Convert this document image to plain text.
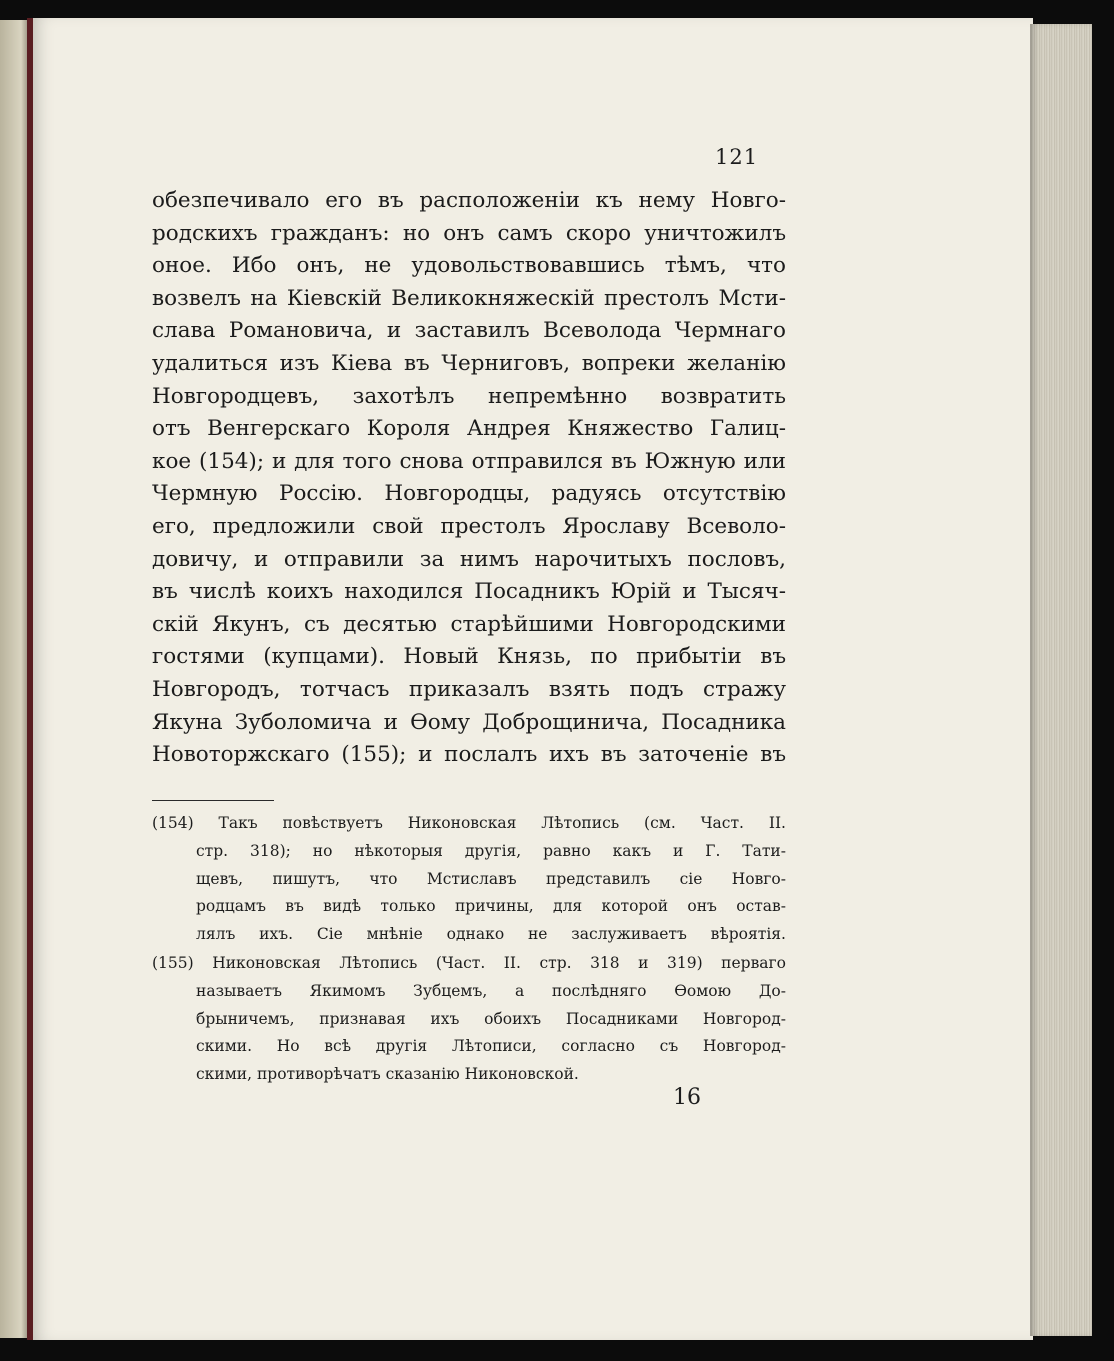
121
обезпечивало его въ расположенiи къ нему Новго-
родскихъ гражданъ: но онъ самъ скоро уничтожилъ
оное. Ибо онъ, не удовольствовавшись тѣмъ, что
возвелъ на Кiевскiй Великокняжескiй престолъ Мсти-
слава Романовича, и заставилъ Всеволода Чермнаго
удалиться изъ Кiева въ Черниговъ, вопреки желанiю
Новгородцевъ, захотѣлъ непремѣнно возвратить
отъ Венгерскаго Короля Андрея Княжество Галиц-
кое (154); и для того снова отправился въ Южную или
Чермную Россiю. Новгородцы, радуясь отсутствiю
его, предложили свой престолъ Ярославу Всеволо-
довичу, и отправили за нимъ нарочитыхъ пословъ,
въ числѣ коихъ находился Посадникъ Юрiй и Тысяч-
скiй Якунъ, съ десятью старѣйшими Новгородскими
гостями (купцами). Новый Князь, по прибытiи въ
Новгородъ, тотчасъ приказалъ взять подъ стражу
Якуна Зуболомича и Ѳому Доброщинича, Посадника
Новоторжскаго (155); и послалъ ихъ въ заточенiе въ
(154) Такъ повѣствуетъ Никоновская Лѣтопись (см. Част. II.
стр. 318); но нѣкоторыя другiя, равно какъ и Г. Тати-
щевъ, пишутъ, что Мстиславъ представилъ сiе Новго-
родцамъ въ видѣ только причины, для которой онъ остав-
лялъ ихъ. Сiе мнѣнiе однако не заслуживаетъ вѣроятiя.
(155) Никоновская Лѣтопись (Част. II. стр. 318 и 319) перваго
называетъ Якимомъ Зубцемъ, а послѣдняго Ѳомою До-
брыничемъ, признавая ихъ обоихъ Посадниками Новгород-
скими. Но всѣ другiя Лѣтописи, согласно съ Новгород-
скими, противорѣчатъ сказанiю Никоновской.
16
